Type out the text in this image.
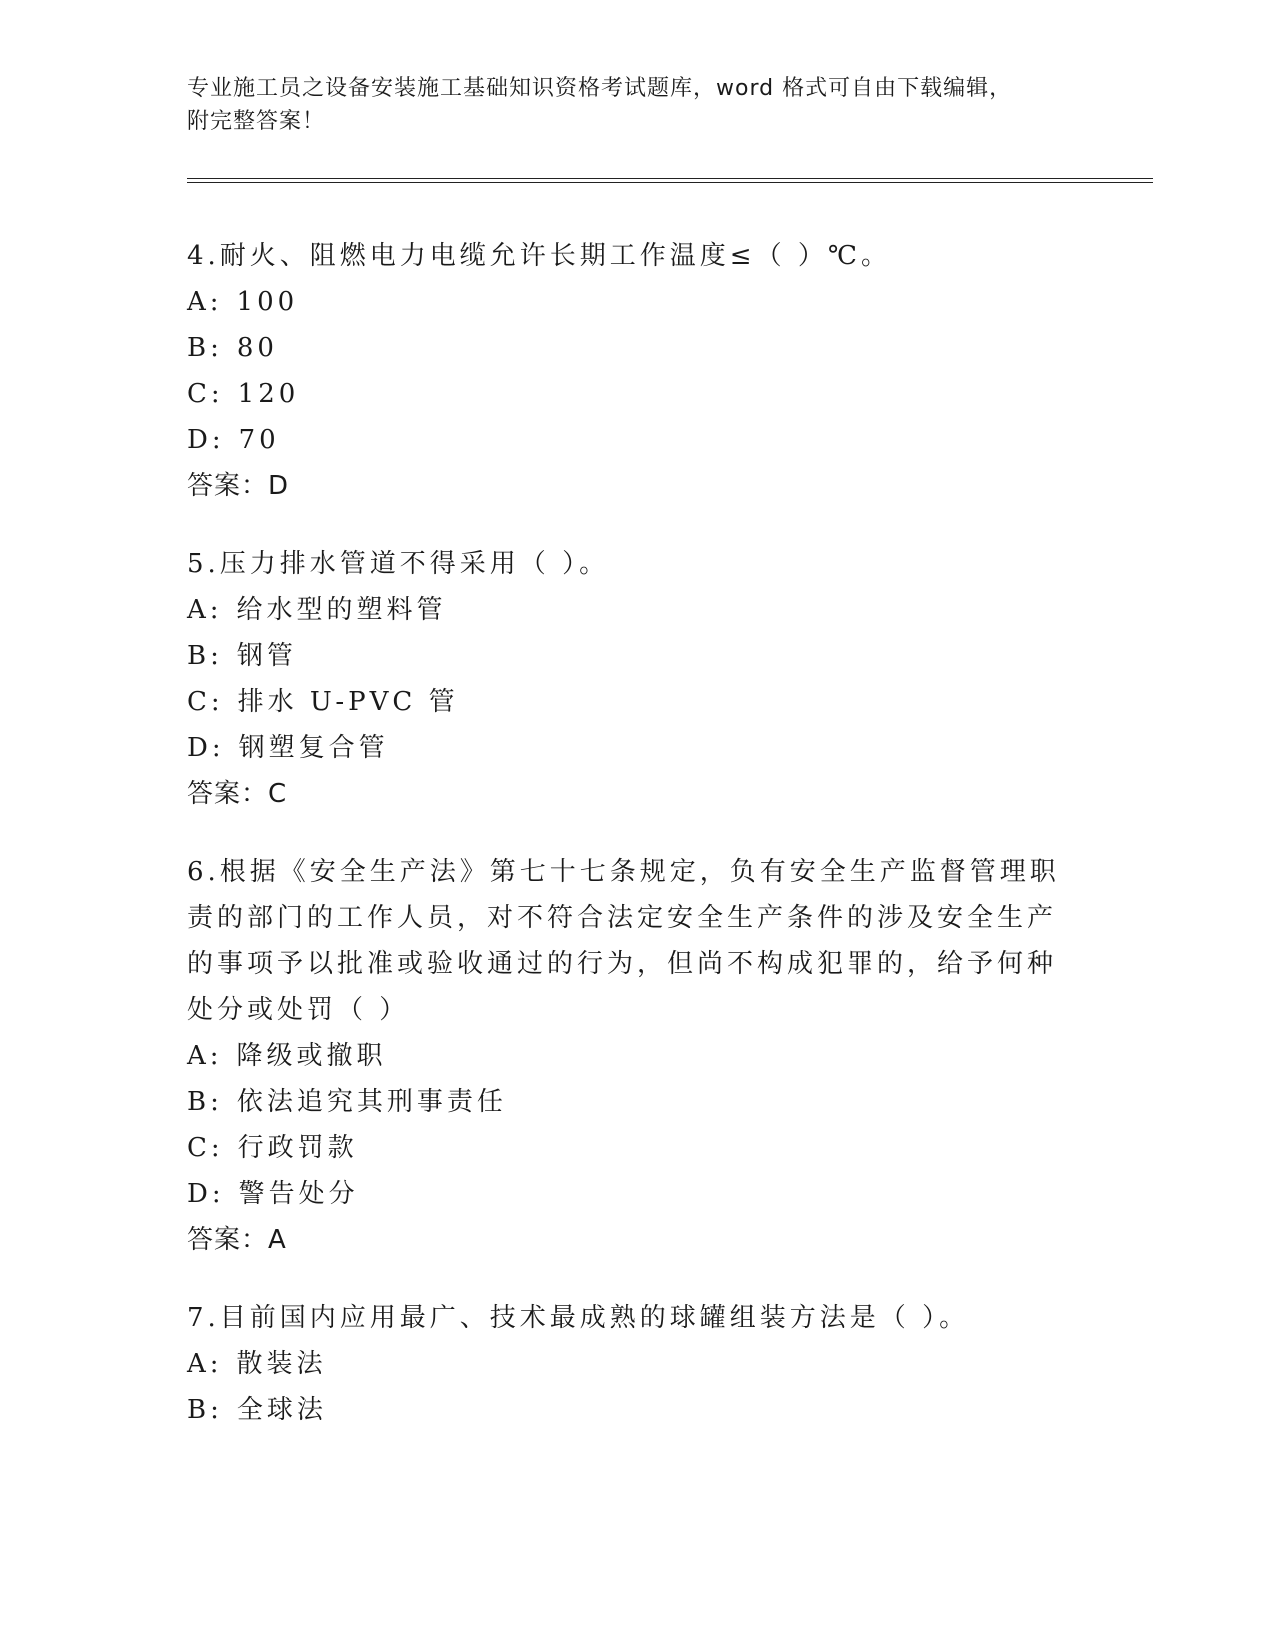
专业施工员之设备安装施工基础知识资格考试题库，word 格式可自由下载编辑，
附完整答案！
4.耐火、阻燃电力电缆允许长期工作温度≤（ ）℃。
A: 100
B: 80
C: 120
D: 70
答案：D
5.压力排水管道不得采用（ ）。
A: 给水型的塑料管
B: 钢管
C: 排水 U-PVC 管
D: 钢塑复合管
答案：C
6.根据《安全生产法》第七十七条规定，负有安全生产监督管理职责的部门的工作人员，对不符合法定安全生产条件的涉及安全生产的事项予以批准或验收通过的行为，但尚不构成犯罪的，给予何种处分或处罚（ ）
A: 降级或撤职
B: 依法追究其刑事责任
C: 行政罚款
D: 警告处分
答案：A
7.目前国内应用最广、技术最成熟的球罐组装方法是（ ）。
A: 散装法
B: 全球法
